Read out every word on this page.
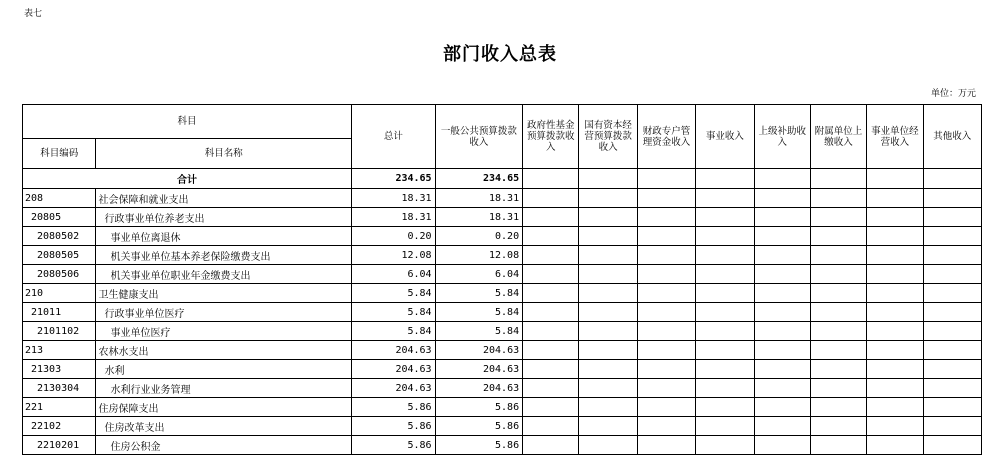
表七
部门收入总表
单位：万元
科目		总计	一般公共预算拨款收入	政府性基金预算拨款收入	国有资本经营预算拨款收入	财政专户管理资金收入	事业收入	上级补助收入	附属单位上缴收入	事业单位经营收入	其他收入
科目编码	科目名称										
合计		234.65	234.65								
208	社会保障和就业支出	18.31	18.31								
20805	行政事业单位养老支出	18.31	18.31								
2080502	事业单位离退休	0.20	0.20								
2080505	机关事业单位基本养老保险缴费支出	12.08	12.08								
2080506	机关事业单位职业年金缴费支出	6.04	6.04								
210	卫生健康支出	5.84	5.84								
21011	行政事业单位医疗	5.84	5.84								
2101102	事业单位医疗	5.84	5.84								
213	农林水支出	204.63	204.63								
21303	水利	204.63	204.63								
2130304	水利行业业务管理	204.63	204.63								
221	住房保障支出	5.86	5.86								
22102	住房改革支出	5.86	5.86								
2210201	住房公积金	5.86	5.86								
